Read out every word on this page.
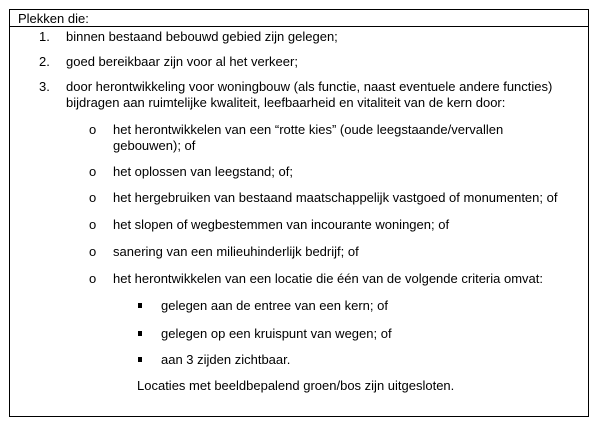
Plekken die:
1. binnen bestaand bebouwd gebied zijn gelegen;
2. goed bereikbaar zijn voor al het verkeer;
3. door herontwikkeling voor woningbouw (als functie, naast eventuele andere functies)
bijdragen aan ruimtelijke kwaliteit, leefbaarheid en vitaliteit van de kern door:
o het herontwikkelen van een “rotte kies” (oude leegstaande/vervallen
gebouwen); of
o het oplossen van leegstand; of;
o het hergebruiken van bestaand maatschappelijk vastgoed of monumenten; of
o het slopen of wegbestemmen van incourante woningen; of
o sanering van een milieuhinderlijk bedrijf; of
o het herontwikkelen van een locatie die één van de volgende criteria omvat:
gelegen aan de entree van een kern; of
gelegen op een kruispunt van wegen; of
aan 3 zijden zichtbaar.
Locaties met beeldbepalend groen/bos zijn uitgesloten.
